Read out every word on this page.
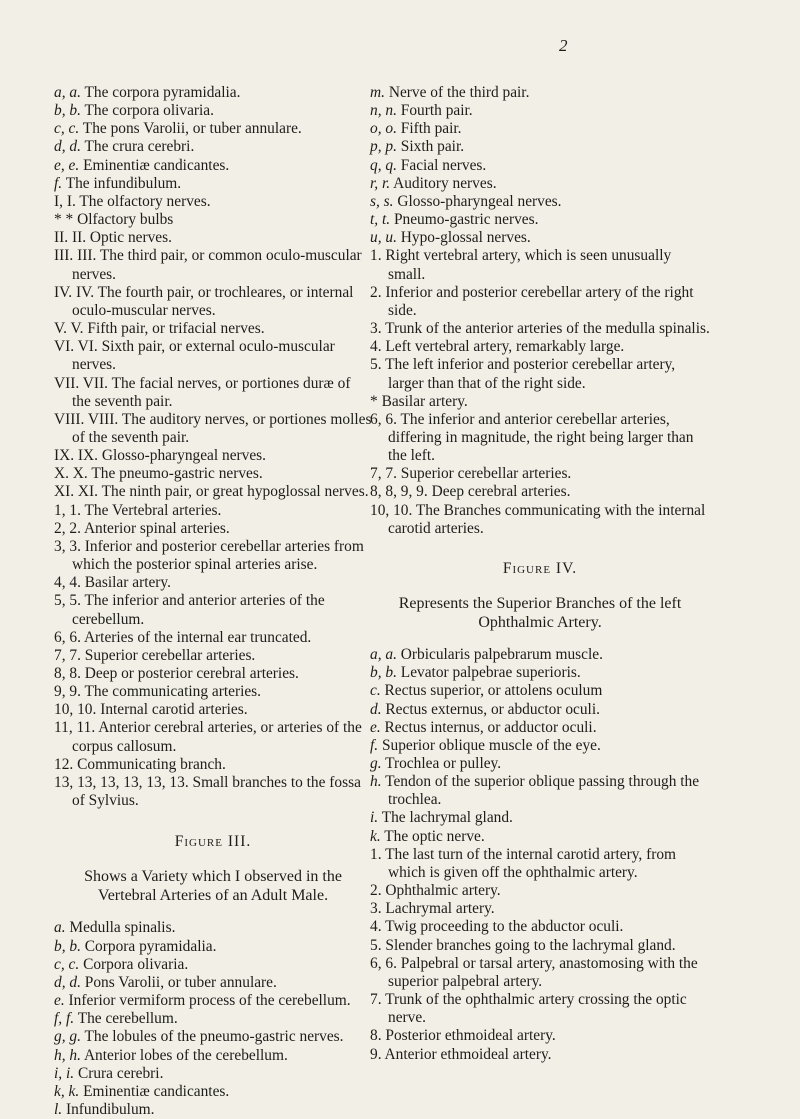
2

a, a. The corpora pyramidalia.

b, b. The corpora olivaria.

c, c. The pons Varolii, or tuber annulare.

d, d. The crura cerebri.

e, e. Eminentiæ candicantes.

f. The infundibulum.

I, I. The olfactory nerves.

* * Olfactory bulbs

II. II. Optic nerves.

III. III. The third pair, or common oculo-muscular nerves.

IV. IV. The fourth pair, or trochleares, or internal oculo-muscular nerves.

V. V. Fifth pair, or trifacial nerves.

VI. VI. Sixth pair, or external oculo-muscular nerves.

VII. VII. The facial nerves, or portiones duræ of the seventh pair.

VIII. VIII. The auditory nerves, or portiones molles of the seventh pair.

IX. IX. Glosso-pharyngeal nerves.

X. X. The pneumo-gastric nerves.

XI. XI. The ninth pair, or great hypoglossal nerves.

1, 1. The Vertebral arteries.

2, 2. Anterior spinal arteries.

3, 3. Inferior and posterior cerebellar arteries from which the posterior spinal arteries arise.

4, 4. Basilar artery.

5, 5. The inferior and anterior arteries of the cerebellum.

6, 6. Arteries of the internal ear truncated.

7, 7. Superior cerebellar arteries.

8, 8. Deep or posterior cerebral arteries.

9, 9. The communicating arteries.

10, 10. Internal carotid arteries.

11, 11. Anterior cerebral arteries, or arteries of the corpus callosum.

12. Communicating branch.

13, 13, 13, 13, 13, 13. Small branches to the fossa of Sylvius.

Figure III.
Shows a Variety which I observed in the Vertebral Arteries of an Adult Male.

a. Medulla spinalis.

b, b. Corpora pyramidalia.

c, c. Corpora olivaria.

d, d. Pons Varolii, or tuber annulare.

e. Inferior vermiform process of the cerebellum.

f, f. The cerebellum.

g, g. The lobules of the pneumo-gastric nerves.

h, h. Anterior lobes of the cerebellum.

i, i. Crura cerebri.

k, k. Eminentiæ candicantes.

l. Infundibulum.

m. Nerve of the third pair.

n, n. Fourth pair.

o, o. Fifth pair.

p, p. Sixth pair.

q, q. Facial nerves.

r, r. Auditory nerves.

s, s. Glosso-pharyngeal nerves.

t, t. Pneumo-gastric nerves.

u, u. Hypo-glossal nerves.

1. Right vertebral artery, which is seen unusually small.

2. Inferior and posterior cerebellar artery of the right side.

3. Trunk of the anterior arteries of the medulla spinalis.

4. Left vertebral artery, remarkably large.

5. The left inferior and posterior cerebellar artery, larger than that of the right side.

* Basilar artery.

6, 6. The inferior and anterior cerebellar arteries, differing in magnitude, the right being larger than the left.

7, 7. Superior cerebellar arteries.

8, 8, 9, 9. Deep cerebral arteries.

10, 10. The Branches communicating with the internal carotid arteries.

Figure IV.
Represents the Superior Branches of the left Ophthalmic Artery.

a, a. Orbicularis palpebrarum muscle.

b, b. Levator palpebrae superioris.

c. Rectus superior, or attolens oculum

d. Rectus externus, or abductor oculi.

e. Rectus internus, or adductor oculi.

f. Superior oblique muscle of the eye.

g. Trochlea or pulley.

h. Tendon of the superior oblique passing through the trochlea.

i. The lachrymal gland.

k. The optic nerve.

1. The last turn of the internal carotid artery, from which is given off the ophthalmic artery.

2. Ophthalmic artery.

3. Lachrymal artery.

4. Twig proceeding to the abductor oculi.

5. Slender branches going to the lachrymal gland.

6, 6. Palpebral or tarsal artery, anastomosing with the superior palpebral artery.

7. Trunk of the ophthalmic artery crossing the optic nerve.

8. Posterior ethmoideal artery.

9. Anterior ethmoideal artery.
